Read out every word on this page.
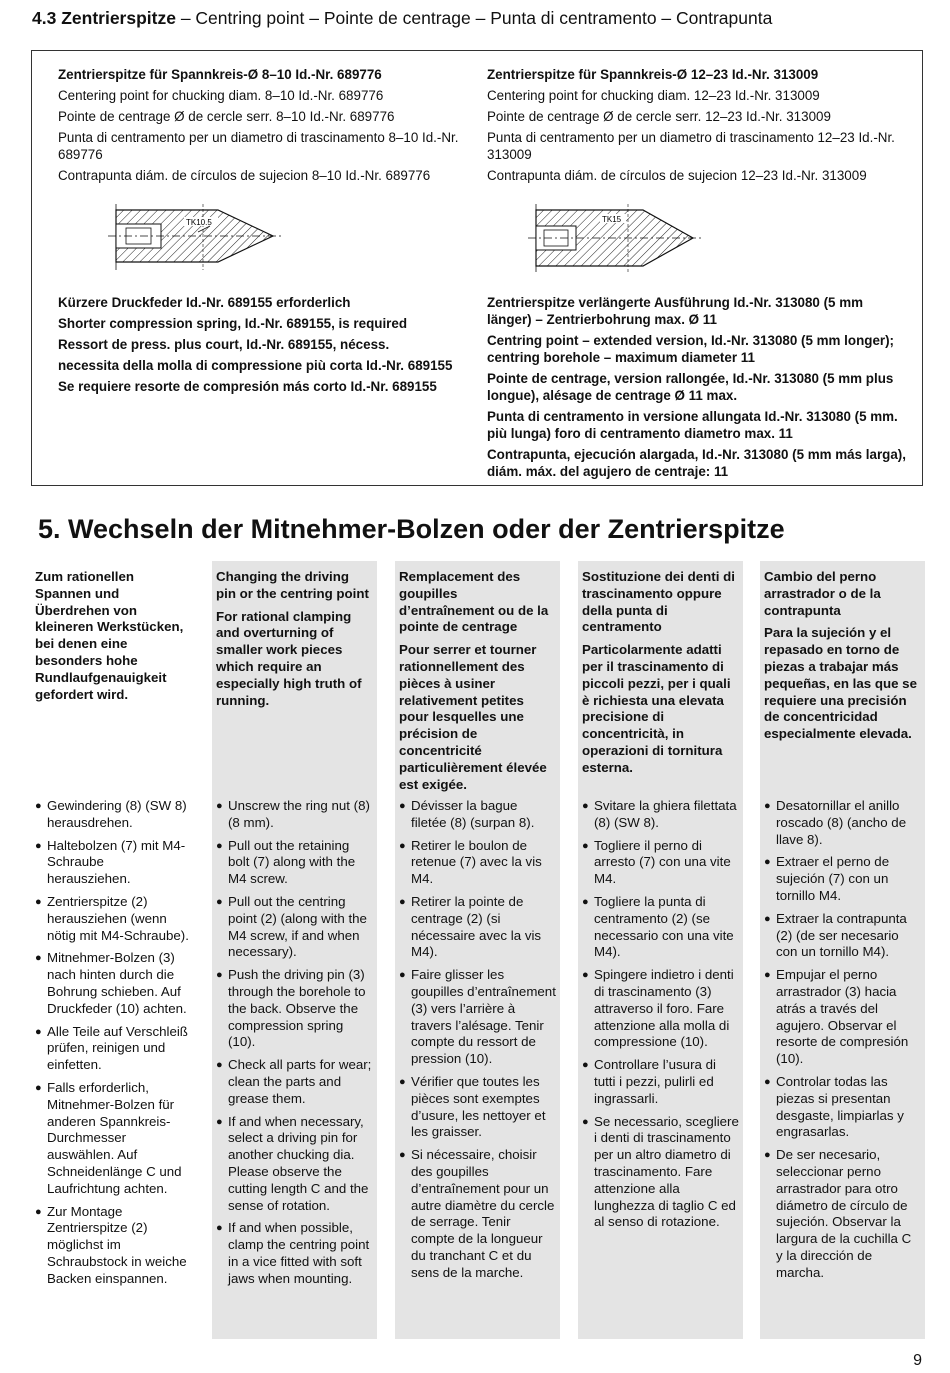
4.3 Zentrierspitze – Centring point – Pointe de centrage – Punta di centramento – Contrapunta

Zentrierspitze für Spannkreis-Ø 8–10 Id.-Nr. 689776

Centering point for chucking diam. 8–10 Id.-Nr. 689776

Pointe de centrage Ø de cercle serr. 8–10 Id.-Nr. 689776

Punta di centramento per un diametro di trascinamento 8–10 Id.-Nr. 689776

Contrapunta diám. de círculos de sujecion 8–10 Id.-Nr. 689776

Zentrierspitze für Spannkreis-Ø 12–23 Id.-Nr. 313009

Centering point for chucking diam. 12–23 Id.-Nr. 313009

Pointe de centrage Ø de cercle serr. 12–23 Id.-Nr. 313009

Punta di centramento per un diametro di trascinamento 12–23 Id.-Nr. 313009

Contrapunta diám. de círculos de sujecion 12–23 Id.-Nr. 313009

TK10.5	TK15

Kürzere Druckfeder Id.-Nr. 689155 erforderlich

Shorter compression spring, Id.-Nr. 689155, is required

Ressort de press. plus court, Id.-Nr. 689155, nécess.

necessita della molla di compressione più corta Id.-Nr. 689155

Se requiere resorte de compresión más corto Id.-Nr. 689155

Zentrierspitze verlängerte Ausführung Id.-Nr. 313080 (5 mm länger) – Zentrierbohrung max. Ø 11

Centring point – extended version, Id.-Nr. 313080 (5 mm longer); centring borehole – maximum diameter 11

Pointe de centrage, version rallongée, Id.-Nr. 313080 (5 mm plus longue), alésage de centrage Ø 11 max.

Punta di centramento in versione allungata Id.-Nr. 313080 (5 mm. più lunga) foro di centramento diametro max. 11

Contrapunta, ejecución alargada, Id.-Nr. 313080 (5 mm más larga), diám. máx. del agujero de centraje: 11

5. Wechseln der Mitnehmer-Bolzen oder der Zentrierspitze

Zum rationellen Spannen und Überdrehen von kleineren Werkstücken, bei denen eine besonders hohe Rundlaufgenauigkeit gefordert wird.

● Gewindering (8) (SW 8) herausdrehen.
● Haltebolzen (7) mit M4-Schraube herausziehen.
● Zentrierspitze (2) herausziehen (wenn nötig mit M4-Schraube).
● Mitnehmer-Bolzen (3) nach hinten durch die Bohrung schieben. Auf Druckfeder (10) achten.
● Alle Teile auf Verschleiß prüfen, reinigen und einfetten.
● Falls erforderlich, Mitnehmer-Bolzen für anderen Spannkreis-Durchmesser auswählen. Auf Schneidenlänge C und Laufrichtung achten.
● Zur Montage Zentrierspitze (2) möglichst im Schraubstock in weiche Backen einspannen.

Changing the driving pin or the centring point

For rational clamping and overturning of smaller work pieces which require an especially high truth of running.

● Unscrew the ring nut (8) (8 mm).
● Pull out the retaining bolt (7) along with the M4 screw.
● Pull out the centring point (2) (along with the M4 screw, if and when necessary).
● Push the driving pin (3) through the borehole to the back. Observe the compression spring (10).
● Check all parts for wear; clean the parts and grease them.
● If and when necessary, select a driving pin for another chucking dia. Please observe the cutting length C and the sense of rotation.
● If and when possible, clamp the centring point in a vice fitted with soft jaws when mounting.

Remplacement des goupilles d’entraînement ou de la pointe de centrage

Pour serrer et tourner rationnellement des pièces à usiner relativement petites pour lesquelles une précision de concentricité particulièrement élevée est exigée.

● Dévisser la bague filetée (8) (surpan 8).
● Retirer le boulon de retenue (7) avec la vis M4.
● Retirer la pointe de centrage (2) (si nécessaire avec la vis M4).
● Faire glisser les goupilles d’entraînement (3) vers l’arrière à travers l’alésage. Tenir compte du ressort de pression (10).
● Vérifier que toutes les pièces sont exemptes d’usure, les nettoyer et les graisser.
● Si nécessaire, choisir des goupilles d’entraînement pour un autre diamètre du cercle de serrage. Tenir compte de la longueur du tranchant C et du sens de la marche.

Sostituzione dei denti di trascinamento oppure della punta di centramento

Particolarmente adatti per il trascinamento di piccoli pezzi, per i quali è richiesta una elevata precisione di concentricità, in operazioni di tornitura esterna.

● Svitare la ghiera filettata (8) (SW 8).
● Togliere il perno di arresto (7) con una vite M4.
● Togliere la punta di centramento (2) (se necessario con una vite M4).
● Spingere indietro i denti di trascinamento (3) attraverso il foro. Fare attenzione alla molla di compressione (10).
● Controllare l’usura di tutti i pezzi, pulirli ed ingrassarli.
● Se necessario, scegliere i denti di trascinamento per un altro diametro di trascinamento. Fare attenzione alla lunghezza di taglio C ed al senso di rotazione.

Cambio del perno arrastrador o de la contrapunta

Para la sujeción y el repasado en torno de piezas a trabajar más pequeñas, en las que se requiere una precisión de concentricidad especialmente elevada.

● Desatornillar el anillo roscado (8) (ancho de llave 8).
● Extraer el perno de sujeción (7) con un tornillo M4.
● Extraer la contrapunta (2) (de ser necesario con un tornillo M4).
● Empujar el perno arrastrador (3) hacia atrás a través del agujero. Observar el resorte de compresión (10).
● Controlar todas las piezas si presentan desgaste, limpiarlas y engrasarlas.
● De ser necesario, seleccionar perno arrastrador para otro diámetro de círculo de sujeción. Observar la largura de la cuchilla C y la dirección de marcha.
9
